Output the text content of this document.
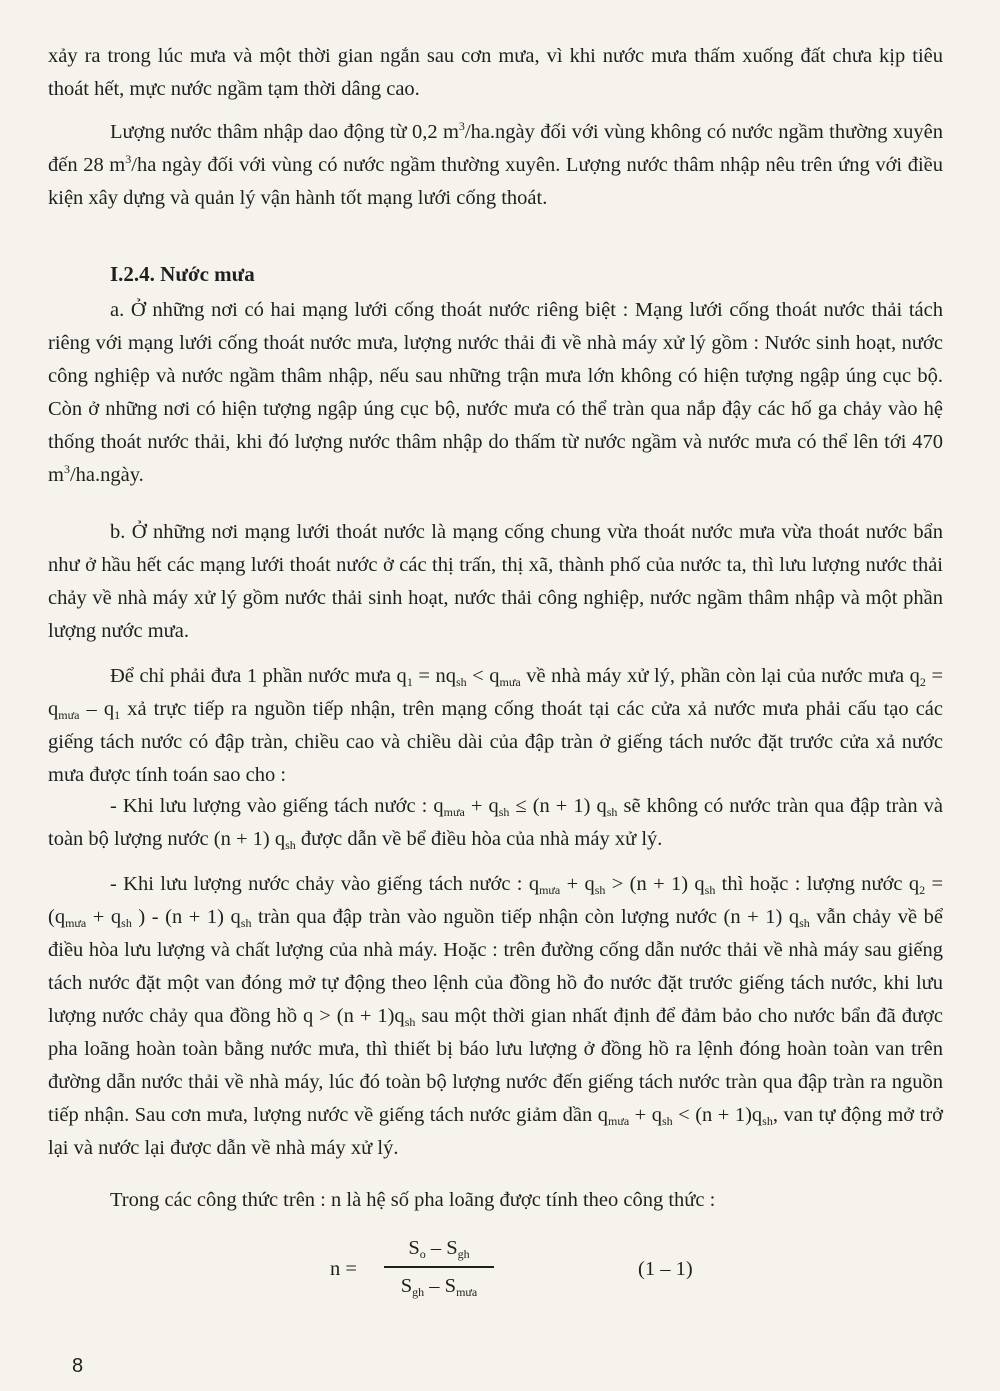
xảy ra trong lúc mưa và một thời gian ngắn sau cơn mưa, vì khi nước mưa thấm xuống đất chưa kịp tiêu thoát hết, mực nước ngầm tạm thời dâng cao.

Lượng nước thâm nhập dao động từ 0,2 $m^3/ha.ngày$ đối với vùng không có nước ngầm thường xuyên đến 28 $m^3/ha$ ngày đối với vùng có nước ngầm thường xuyên. Lượng nước thâm nhập nêu trên ứng với điều kiện xây dựng và quản lý vận hành tốt mạng lưới cống thoát.

I.2.4. Nước mưa

a. Ở những nơi có hai mạng lưới cống thoát nước riêng biệt : Mạng lưới cống thoát nước thải tách riêng với mạng lưới cống thoát nước mưa, lượng nước thải đi về nhà máy xử lý gồm : Nước sinh hoạt, nước công nghiệp và nước ngầm thâm nhập, nếu sau những trận mưa lớn không có hiện tượng ngập úng cục bộ. Còn ở những nơi có hiện tượng ngập úng cục bộ, nước mưa có thể tràn qua nắp đậy các hố ga chảy vào hệ thống thoát nước thải, khi đó lượng nước thâm nhập do thấm từ nước ngầm và nước mưa có thể lên tới 470 $m^3/ha.ngày$.

b. Ở những nơi mạng lưới thoát nước là mạng cống chung vừa thoát nước mưa vừa thoát nước bẩn như ở hầu hết các mạng lưới thoát nước ở các thị trấn, thị xã, thành phố của nước ta, thì lưu lượng nước thải chảy về nhà máy xử lý gồm nước thải sinh hoạt, nước thải công nghiệp, nước ngầm thâm nhập và một phần lượng nước mưa.

Để chỉ phải đưa 1 phần nước mưa $q_1 = nq_{sh} < q_{mưa}$ về nhà máy xử lý, phần còn lại của nước mưa $q_2 = q_{mưa} - q_1$ xả trực tiếp ra nguồn tiếp nhận, trên mạng cống thoát tại các cửa xả nước mưa phải cấu tạo các giếng tách nước có đập tràn, chiều cao và chiều dài của đập tràn ở giếng tách nước đặt trước cửa xả nước mưa được tính toán sao cho :

- Khi lưu lượng vào giếng tách nước : $q_{mưa} + q_{sh} \le (n + 1)$ $q_{sh}$ sẽ không có nước tràn qua đập tràn và toàn bộ lượng nước (n + 1) $q_{sh}$ được dẫn về bể điều hòa của nhà máy xử lý.

- Khi lưu lượng nước chảy vào giếng tách nước : $q_{mưa} + q_{sh} > (n + 1)$ $q_{sh}$ thì hoặc : lượng nước $q_2 = (q_{mưa} + q_{sh}$ ) - (n + 1) $q_{sh}$ tràn qua đập tràn vào nguồn tiếp nhận còn lượng nước (n + 1) $q_{sh}$ vẫn chảy về bể điều hòa lưu lượng và chất lượng của nhà máy. Hoặc : trên đường cống dẫn nước thải về nhà máy sau giếng tách nước đặt một van đóng mở tự động theo lệnh của đồng hồ đo nước đặt trước giếng tách nước, khi lưu lượng nước chảy qua đồng hồ $q > (n + 1)q_{sh}$ sau một thời gian nhất định để đảm bảo cho nước bẩn đã được pha loãng hoàn toàn bằng nước mưa, thì thiết bị báo lưu lượng ở đồng hồ ra lệnh đóng hoàn toàn van trên đường dẫn nước thải về nhà máy, lúc đó toàn bộ lượng nước đến giếng tách nước tràn qua đập tràn ra nguồn tiếp nhận. Sau cơn mưa, lượng nước về giếng tách nước giảm dần $q_{mưa} + q_{sh} < (n + 1)q_{sh}$, van tự động mở trở lại và nước lại được dẫn về nhà máy xử lý.

Trong các công thức trên : n là hệ số pha loãng được tính theo công thức :

n =
$S_o - S_{gh}$
$S_{gh} - S_{mưa}$
(1 – 1)
8
